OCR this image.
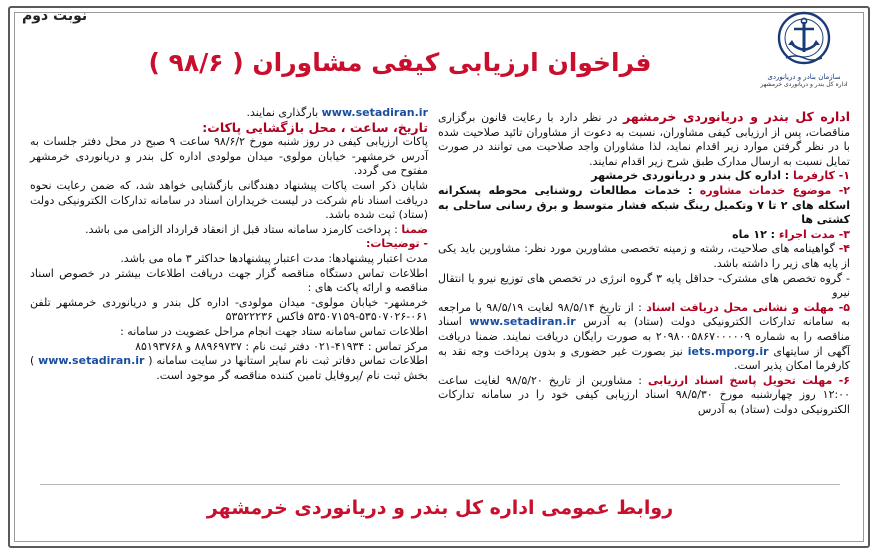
نوبت دوم
سازمان بنادر و دریانوردی
اداره کل بندر و دریانوردی خرمشهر
فراخوان ارزیابی کیفی مشاوران ( ۹۸/۶ )

اداره کل بندر و دریانوردی خرمشهر در نظر دارد با رعایت قانون برگزاری مناقصات، پس از ارزیابی کیفی مشاوران، نسبت به دعوت از مشاوران تائید صلاحیت شده با در نظر گرفتن موارد زیر اقدام نماید، لذا مشاوران واجد صلاحیت می توانند در صورت تمایل نسبت به ارسال مدارک طبق شرح زیر اقدام نمایند.

۱- کارفرما : اداره کل بندر و دریانوردی خرمشهر

۲- موضوع خدمات مشاوره : خدمات مطالعات روشنایی محوطه پسکرانه اسکله های ۲ تا ۷ وتکمیل رینگ شبکه فشار متوسط و برق رسانی ساحلی به کشتی ها

۳- مدت اجراء : ۱۲ ماه

۴- گواهینامه های صلاحیت، رشته و زمینه تخصصی مشاورین مورد نظر: مشاورین باید یکی از پایه های زیر را داشته باشد.

- گروه تخصص های مشترک- حداقل پایه ۳ گروه انرژی در تخصص های توزیع نیرو یا انتقال نیرو

۵- مهلت و نشانی محل دریافت اسناد : از تاریخ ۹۸/۵/۱۴ لغایت ۹۸/۵/۱۹ با مراجعه به سامانه تدارکات الکترونیکی دولت (ستاد) به آدرس www.setadiran.ir اسناد مناقصه را به شماره ۲۰۹۸۰۰۵۸۶۷۰۰۰۰۰۹ به صورت رایگان دریافت نمایند. ضمنا دریافت آگهی از سایتهای iets.mporg.ir نیز بصورت غیر حضوری و بدون پرداخت وجه نقد به کارفرما امکان پذیر است.

۶- مهلت تحویل پاسخ اسناد ارزیابی : مشاورین از تاریخ ۹۸/۵/۲۰ لغایت ساعت ۱۲:۰۰ روز چهارشنبه مورخ ۹۸/۵/۳۰ اسناد ارزیابی کیفی خود را در سامانه تدارکات الکترونیکی دولت (ستاد) به آدرس

www.setadiran.ir بارگذاری نمایند.

تاریخ، ساعت ، محل بازگشایی پاکات:

پاکات ارزیابی کیفی در روز شنبه مورخ ۹۸/۶/۲ ساعت ۹ صبح در محل دفتر جلسات به آدرس خرمشهر- خیابان مولوی- میدان مولودی اداره کل بندر و دریانوردی خرمشهر مفتوح می گردد.

شایان ذکر است پاکات پیشنهاد دهندگانی بازگشایی خواهد شد، که ضمن رعایت نحوه دریافت اسناد نام شرکت در لیست خریداران اسناد در سامانه تدارکات الکترونیکی دولت (ستاد) ثبت شده باشد.

ضمنا : پرداخت کارمزد سامانه ستاد قبل از انعقاد قرارداد الزامی می باشد.

- توضیحات:

مدت اعتبار پیشنهادها: مدت اعتبار پیشنهادها حداکثر ۳ ماه می باشد.

اطلاعات تماس دستگاه مناقصه گزار جهت دریافت اطلاعات بیشتر در خصوص اسناد مناقصه و ارائه پاکت های :

خرمشهر- خیابان مولوی- میدان مولودی- اداره کل بندر و دریانوردی خرمشهر تلفن ۰۶۱-۵۳۵۰۷۰۲۶-۵۳۵۰۷۱۵۹ فاکس ۵۳۵۲۲۲۳۶

اطلاعات تماس سامانه ستاد جهت انجام مراحل عضویت در سامانه :

مرکز تماس : ۴۱۹۳۴-۰۲۱ دفتر ثبت نام : ۸۸۹۶۹۷۳۷ و ۸۵۱۹۳۷۶۸

اطلاعات تماس دفاتر ثبت نام سایر استانها در سایت سامانه ( www.setadiran.ir ) بخش ثبت نام /پروفایل تامین کننده مناقصه گر موجود است.

روابط عمومی اداره کل بندر و دریانوردی خرمشهر
